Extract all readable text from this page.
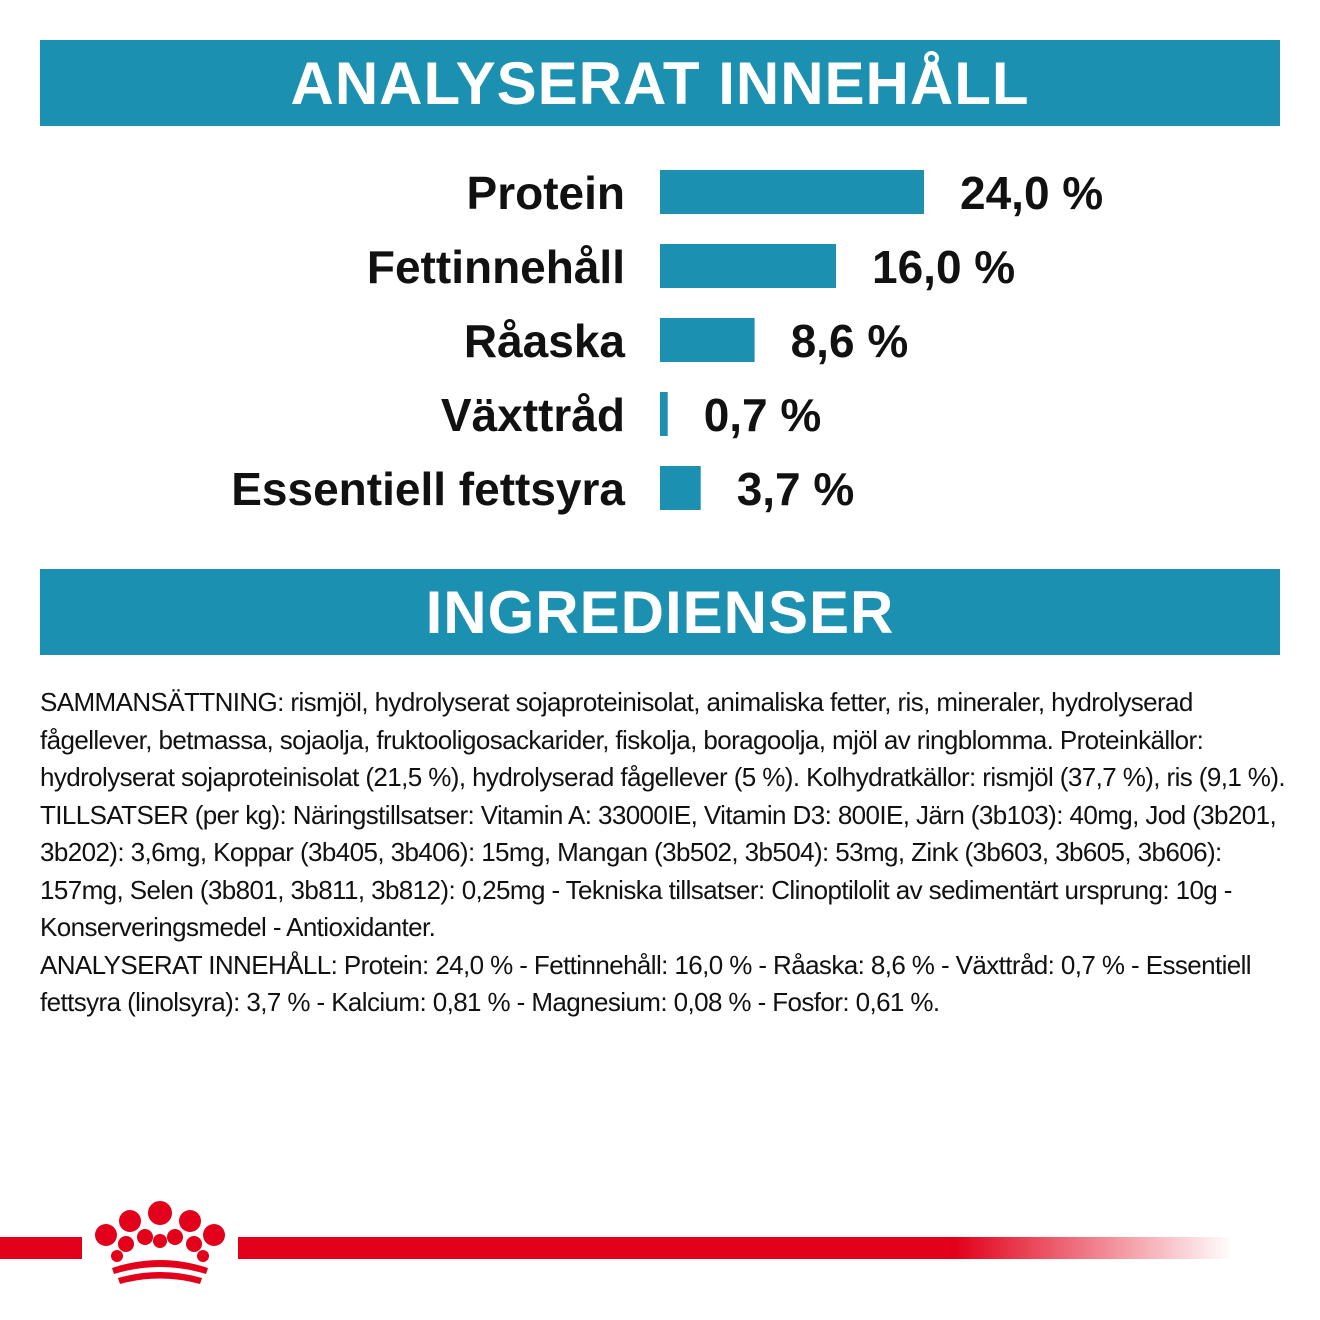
ANALYSERAT INNEHÅLL
Protein	24,0 %
Fettinnehåll	16,0 %
Råaska	8,6 %
Växttråd 0,7 %
Essentiell fettsyra 3,7 %
INGREDIENSER

SAMMANSÄTTNING: rismjöl, hydrolyserat sojaproteinisolat, animaliska fetter, ris, mineraler, hydrolyserad fågellever, betmassa, sojaolja, fruktooligosackarider, fiskolja, boragoolja, mjöl av ringblomma. Proteinkällor: hydrolyserat sojaproteinisolat (21,5 %), hydrolyserad fågellever (5 %). Kolhydratkällor: rismjöl (37,7 %), ris (9,1 %).

TILLSATSER (per kg): Näringstillsatser: Vitamin A: 33000IE, Vitamin D3: 800IE, Järn (3b103): 40mg, Jod (3b201, 3b202): 3,6mg, Koppar (3b405, 3b406): 15mg, Mangan (3b502, 3b504): 53mg, Zink (3b603, 3b605, 3b606): 157mg, Selen (3b801, 3b811, 3b812): 0,25mg - Tekniska tillsatser: Clinoptilolit av sedimentärt ursprung: 10g - Konserveringsmedel - Antioxidanter.

ANALYSERAT INNEHÅLL: Protein: 24,0 % - Fettinnehåll: 16,0 % - Råaska: 8,6 % - Växttråd: 0,7 % - Essentiell fettsyra (linolsyra): 3,7 % - Kalcium: 0,81 % - Magnesium: 0,08 % - Fosfor: 0,61 %.
